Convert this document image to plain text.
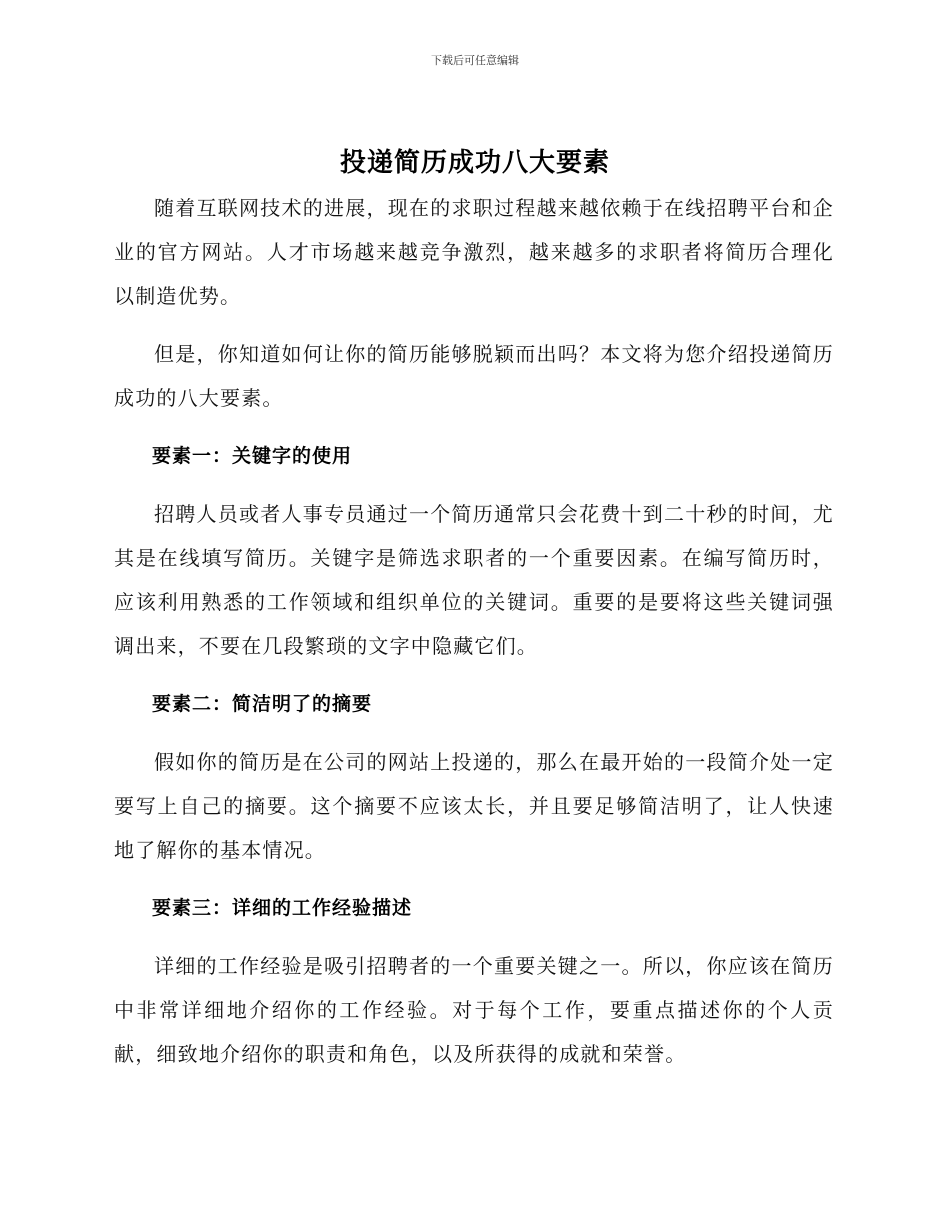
下载后可任意编辑
投递简历成功八大要素

随着互联网技术的进展，现在的求职过程越来越依赖于在线招聘平台和企业的官方网站。人才市场越来越竞争激烈，越来越多的求职者将简历合理化以制造优势。

但是，你知道如何让你的简历能够脱颖而出吗？本文将为您介绍投递简历成功的八大要素。

要素一：关键字的使用

招聘人员或者人事专员通过一个简历通常只会花费十到二十秒的时间，尤其是在线填写简历。关键字是筛选求职者的一个重要因素。在编写简历时，应该利用熟悉的工作领域和组织单位的关键词。重要的是要将这些关键词强调出来，不要在几段繁琐的文字中隐藏它们。

要素二：简洁明了的摘要

假如你的简历是在公司的网站上投递的，那么在最开始的一段简介处一定要写上自己的摘要。这个摘要不应该太长，并且要足够简洁明了，让人快速地了解你的基本情况。

要素三：详细的工作经验描述

详细的工作经验是吸引招聘者的一个重要关键之一。所以，你应该在简历中非常详细地介绍你的工作经验。对于每个工作，要重点描述你的个人贡献，细致地介绍你的职责和角色，以及所获得的成就和荣誉。
